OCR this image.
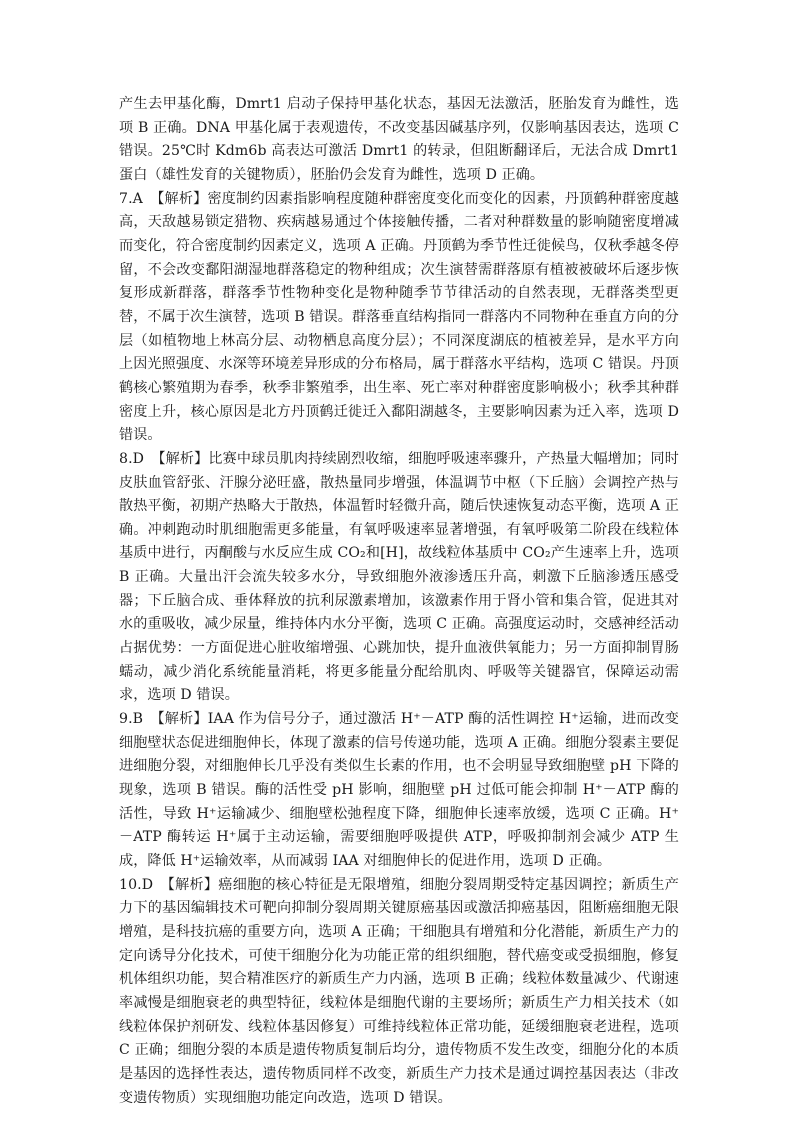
产生去甲基化酶，Dmrt1 启动子保持甲基化状态，基因无法激活，胚胎发育为雌性，选项 B 正确。DNA 甲基化属于表观遗传，不改变基因碱基序列，仅影响基因表达，选项 C 错误。25℃时 Kdm6b 高表达可激活 Dmrt1 的转录，但阻断翻译后，无法合成 Dmrt1 蛋白（雄性发育的关键物质），胚胎仍会发育为雌性，选项 D 正确。

7.A　【解析】密度制约因素指影响程度随种群密度变化而变化的因素，丹顶鹤种群密度越高，天敌越易锁定猎物、疾病越易通过个体接触传播，二者对种群数量的影响随密度增减而变化，符合密度制约因素定义，选项 A 正确。丹顶鹤为季节性迁徙候鸟，仅秋季越冬停留，不会改变鄱阳湖湿地群落稳定的物种组成；次生演替需群落原有植被被破坏后逐步恢复形成新群落，群落季节性物种变化是物种随季节节律活动的自然表现，无群落类型更替，不属于次生演替，选项 B 错误。群落垂直结构指同一群落内不同物种在垂直方向的分层（如植物地上林高分层、动物栖息高度分层）；不同深度湖底的植被差异，是水平方向上因光照强度、水深等环境差异形成的分布格局，属于群落水平结构，选项 C 错误。丹顶鹤核心繁殖期为春季，秋季非繁殖季，出生率、死亡率对种群密度影响极小；秋季其种群密度上升，核心原因是北方丹顶鹤迁徙迁入鄱阳湖越冬，主要影响因素为迁入率，选项 D 错误。

8.D　【解析】比赛中球员肌肉持续剧烈收缩，细胞呼吸速率骤升，产热量大幅增加；同时皮肤血管舒张、汗腺分泌旺盛，散热量同步增强，体温调节中枢（下丘脑）会调控产热与散热平衡，初期产热略大于散热，体温暂时轻微升高，随后快速恢复动态平衡，选项 A 正确。冲刺跑动时肌细胞需更多能量，有氧呼吸速率显著增强，有氧呼吸第二阶段在线粒体基质中进行，丙酮酸与水反应生成 CO₂和[H]，故线粒体基质中 CO₂产生速率上升，选项 B 正确。大量出汗会流失较多水分，导致细胞外液渗透压升高，刺激下丘脑渗透压感受器；下丘脑合成、垂体释放的抗利尿激素增加，该激素作用于肾小管和集合管，促进其对水的重吸收，减少尿量，维持体内水分平衡，选项 C 正确。高强度运动时，交感神经活动占据优势：一方面促进心脏收缩增强、心跳加快，提升血液供氧能力；另一方面抑制胃肠蠕动，减少消化系统能量消耗，将更多能量分配给肌肉、呼吸等关键器官，保障运动需求，选项 D 错误。

9.B　【解析】IAA 作为信号分子，通过激活 H⁺－ATP 酶的活性调控 H⁺运输，进而改变细胞壁状态促进细胞伸长，体现了激素的信号传递功能，选项 A 正确。细胞分裂素主要促进细胞分裂，对细胞伸长几乎没有类似生长素的作用，也不会明显导致细胞壁 pH 下降的现象，选项 B 错误。酶的活性受 pH 影响，细胞壁 pH 过低可能会抑制 H⁺－ATP 酶的活性，导致 H⁺运输减少、细胞壁松弛程度下降，细胞伸长速率放缓，选项 C 正确。H⁺－ATP 酶转运 H⁺属于主动运输，需要细胞呼吸提供 ATP，呼吸抑制剂会减少 ATP 生成，降低 H⁺运输效率，从而减弱 IAA 对细胞伸长的促进作用，选项 D 正确。

10.D　【解析】癌细胞的核心特征是无限增殖，细胞分裂周期受特定基因调控；新质生产力下的基因编辑技术可靶向抑制分裂周期关键原癌基因或激活抑癌基因，阻断癌细胞无限增殖，是科技抗癌的重要方向，选项 A 正确；干细胞具有增殖和分化潜能，新质生产力的定向诱导分化技术，可使干细胞分化为功能正常的组织细胞，替代癌变或受损细胞，修复机体组织功能，契合精准医疗的新质生产力内涵，选项 B 正确；线粒体数量减少、代谢速率减慢是细胞衰老的典型特征，线粒体是细胞代谢的主要场所；新质生产力相关技术（如线粒体保护剂研发、线粒体基因修复）可维持线粒体正常功能，延缓细胞衰老进程，选项 C 正确；细胞分裂的本质是遗传物质复制后均分，遗传物质不发生改变，细胞分化的本质是基因的选择性表达，遗传物质同样不改变，新质生产力技术是通过调控基因表达（非改变遗传物质）实现细胞功能定向改造，选项 D 错误。
